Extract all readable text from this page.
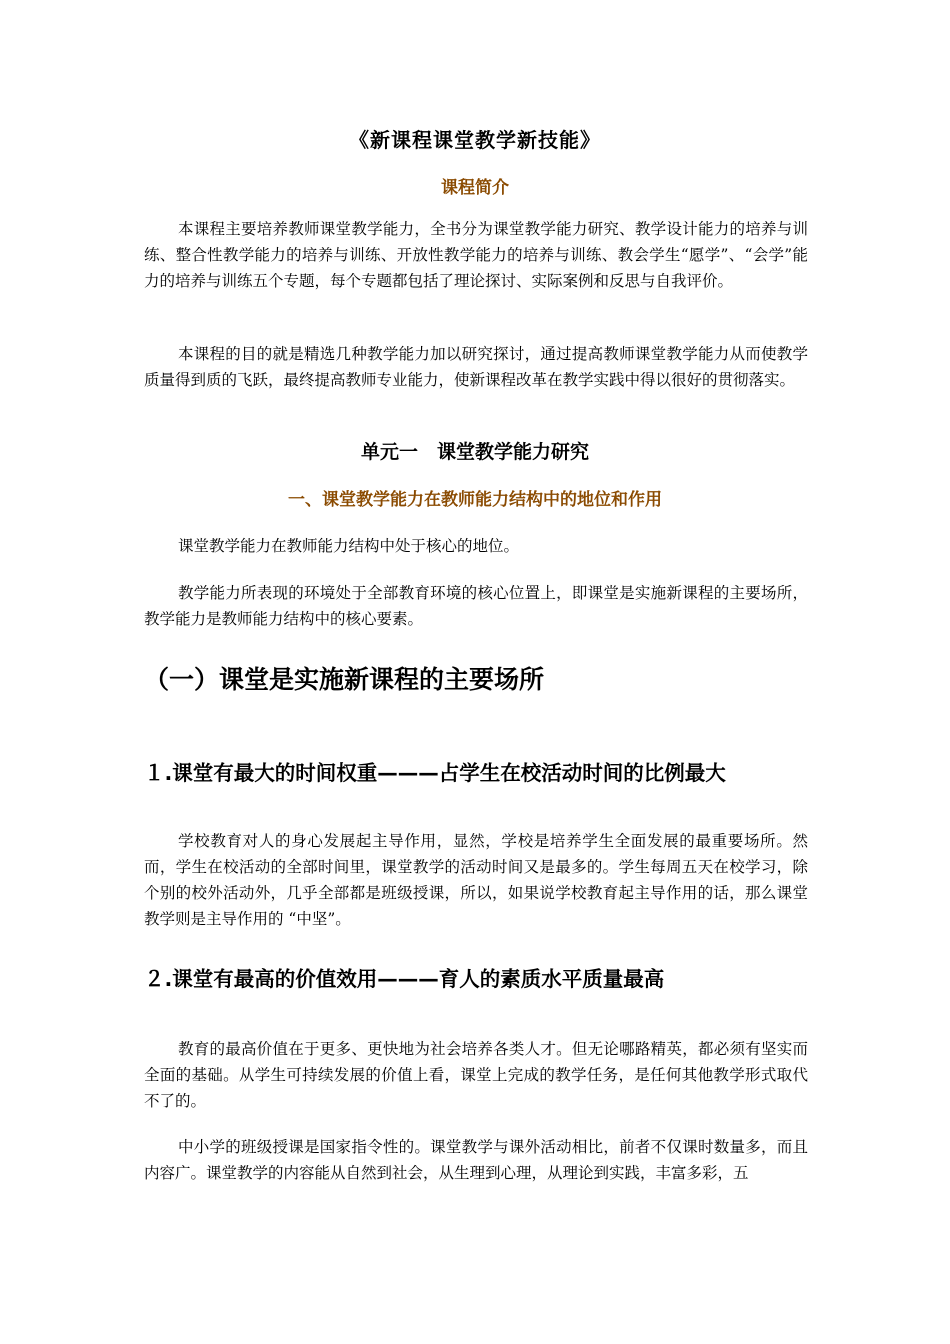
《新课程课堂教学新技能》
课程简介

本课程主要培养教师课堂教学能力，全书分为课堂教学能力研究、教学设计能力的培养与训练、整合性教学能力的培养与训练、开放性教学能力的培养与训练、教会学生“愿学”、“会学”能力的培养与训练五个专题，每个专题都包括了理论探讨、实际案例和反思与自我评价。

本课程的目的就是精选几种教学能力加以研究探讨，通过提高教师课堂教学能力从而使教学质量得到质的飞跃，最终提高教师专业能力，使新课程改革在教学实践中得以很好的贯彻落实。

单元一　课堂教学能力研究
一、课堂教学能力在教师能力结构中的地位和作用

课堂教学能力在教师能力结构中处于核心的地位。

教学能力所表现的环境处于全部教育环境的核心位置上，即课堂是实施新课程的主要场所，教学能力是教师能力结构中的核心要素。

（一）课堂是实施新课程的主要场所
１.课堂有最大的时间权重———占学生在校活动时间的比例最大

学校教育对人的身心发展起主导作用，显然，学校是培养学生全面发展的最重要场所。然而，学生在校活动的全部时间里，课堂教学的活动时间又是最多的。学生每周五天在校学习，除个别的校外活动外，几乎全部都是班级授课，所以，如果说学校教育起主导作用的话，那么课堂教学则是主导作用的 “中坚”。

２.课堂有最高的价值效用———育人的素质水平质量最高

教育的最高价值在于更多、更快地为社会培养各类人才。但无论哪路精英，都必须有坚实而全面的基础。从学生可持续发展的价值上看，课堂上完成的教学任务，是任何其他教学形式取代不了的。

中小学的班级授课是国家指令性的。课堂教学与课外活动相比，前者不仅课时数量多，而且内容广。课堂教学的内容能从自然到社会，从生理到心理，从理论到实践，丰富多彩，五
